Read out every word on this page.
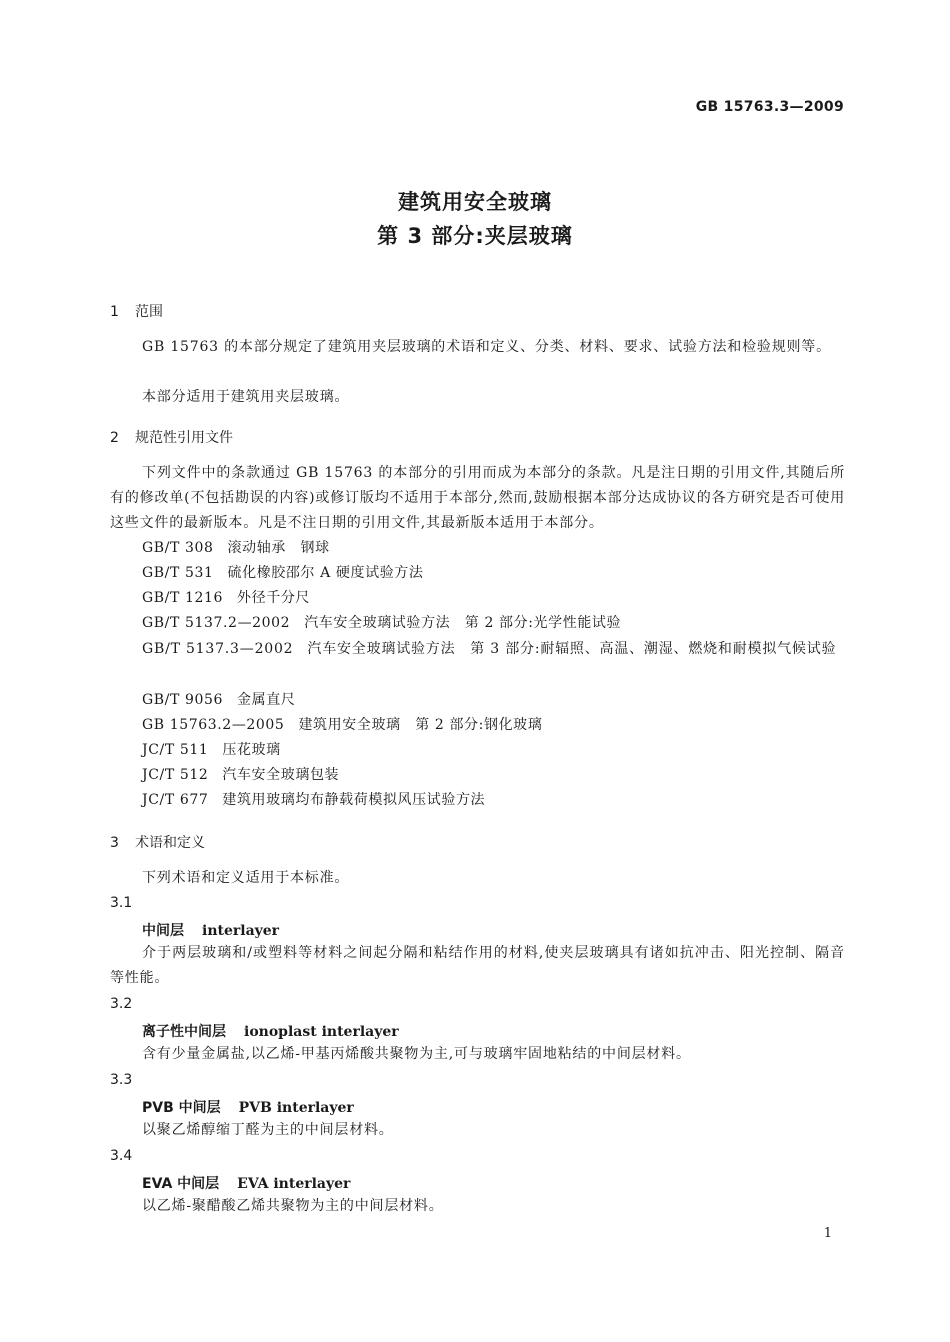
GB 15763.3—2009
建筑用安全玻璃
第 3 部分:夹层玻璃
1 范围
GB 15763 的本部分规定了建筑用夹层玻璃的术语和定义、分类、材料、要求、试验方法和检验规则等。
本部分适用于建筑用夹层玻璃。
2 规范性引用文件
下列文件中的条款通过 GB 15763 的本部分的引用而成为本部分的条款。凡是注日期的引用文件,其随后所有的修改单(不包括勘误的内容)或修订版均不适用于本部分,然而,鼓励根据本部分达成协议的各方研究是否可使用这些文件的最新版本。凡是不注日期的引用文件,其最新版本适用于本部分。
GB/T 308 滚动轴承　钢球
GB/T 531 硫化橡胶邵尔 A 硬度试验方法
GB/T 1216 外径千分尺
GB/T 5137.2—2002 汽车安全玻璃试验方法　第 2 部分:光学性能试验
GB/T 5137.3—2002 汽车安全玻璃试验方法　第 3 部分:耐辐照、高温、潮湿、燃烧和耐模拟气候试验
GB/T 9056 金属直尺
GB 15763.2—2005 建筑用安全玻璃　第 2 部分:钢化玻璃
JC/T 511 压花玻璃
JC/T 512 汽车安全玻璃包装
JC/T 677 建筑用玻璃均布静载荷模拟风压试验方法
3 术语和定义
下列术语和定义适用于本标准。
3.1
中间层 interlayer
介于两层玻璃和/或塑料等材料之间起分隔和粘结作用的材料,使夹层玻璃具有诸如抗冲击、阳光控制、隔音等性能。
3.2
离子性中间层 ionoplast interlayer
含有少量金属盐,以乙烯-甲基丙烯酸共聚物为主,可与玻璃牢固地粘结的中间层材料。
3.3
PVB 中间层 PVB interlayer
以聚乙烯醇缩丁醛为主的中间层材料。
3.4
EVA 中间层 EVA interlayer
以乙烯-聚醋酸乙烯共聚物为主的中间层材料。
1
